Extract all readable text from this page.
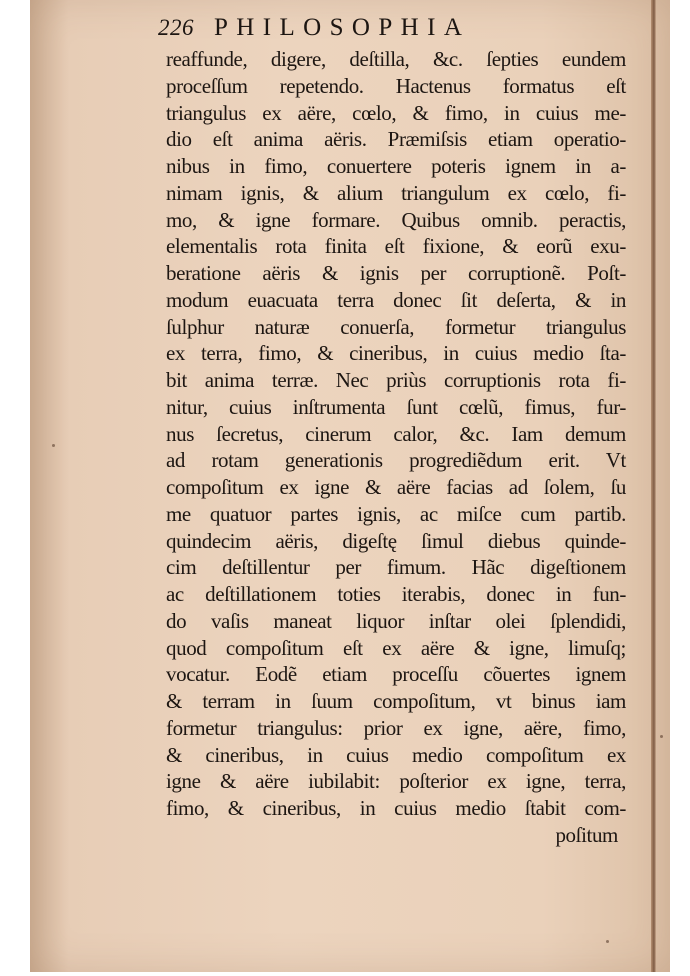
226 PHILOSOPHIA
reaffunde, digere, deſtilla, &c. ſepties eundem
proceſſum repetendo. Hactenus formatus eſt
triangulus ex aëre, cœlo, & fimo, in cuius me-
dio eſt anima aëris. Præmiſsis etiam operatio-
nibus in fimo, conuertere poteris ignem in a-
nimam ignis, & alium triangulum ex cœlo, fi-
mo, & igne formare. Quibus omnib. peractis,
elementalis rota finita eſt fixione, & eorũ exu-
beratione aëris & ignis per corruptionẽ. Poſt-
modum euacuata terra donec ſit deſerta, & in
ſulphur naturæ conuerſa, formetur triangulus
ex terra, fimo, & cineribus, in cuius medio ſta-
bit anima terræ. Nec priùs corruptionis rota fi-
nitur, cuius inſtrumenta ſunt cœlũ, fimus, fur-
nus ſecretus, cinerum calor, &c. Iam demum
ad rotam generationis progrediẽdum erit. Vt
compoſitum ex igne & aëre facias ad ſolem, ſu
me quatuor partes ignis, ac miſce cum partib.
quindecim aëris, digeſtę ſimul diebus quinde-
cim deſtillentur per fimum. Hãc digeſtionem
ac deſtillationem toties iterabis, donec in fun-
do vaſis maneat liquor inſtar olei ſplendidi,
quod compoſitum eſt ex aëre & igne, limuſq;
vocatur. Eodẽ etiam proceſſu cõuertes ignem
& terram in ſuum compoſitum, vt binus iam
formetur triangulus: prior ex igne, aëre, fimo,
& cineribus, in cuius medio compoſitum ex
igne & aëre iubilabit: poſterior ex igne, terra,
fimo, & cineribus, in cuius medio ſtabit com-
poſitum
